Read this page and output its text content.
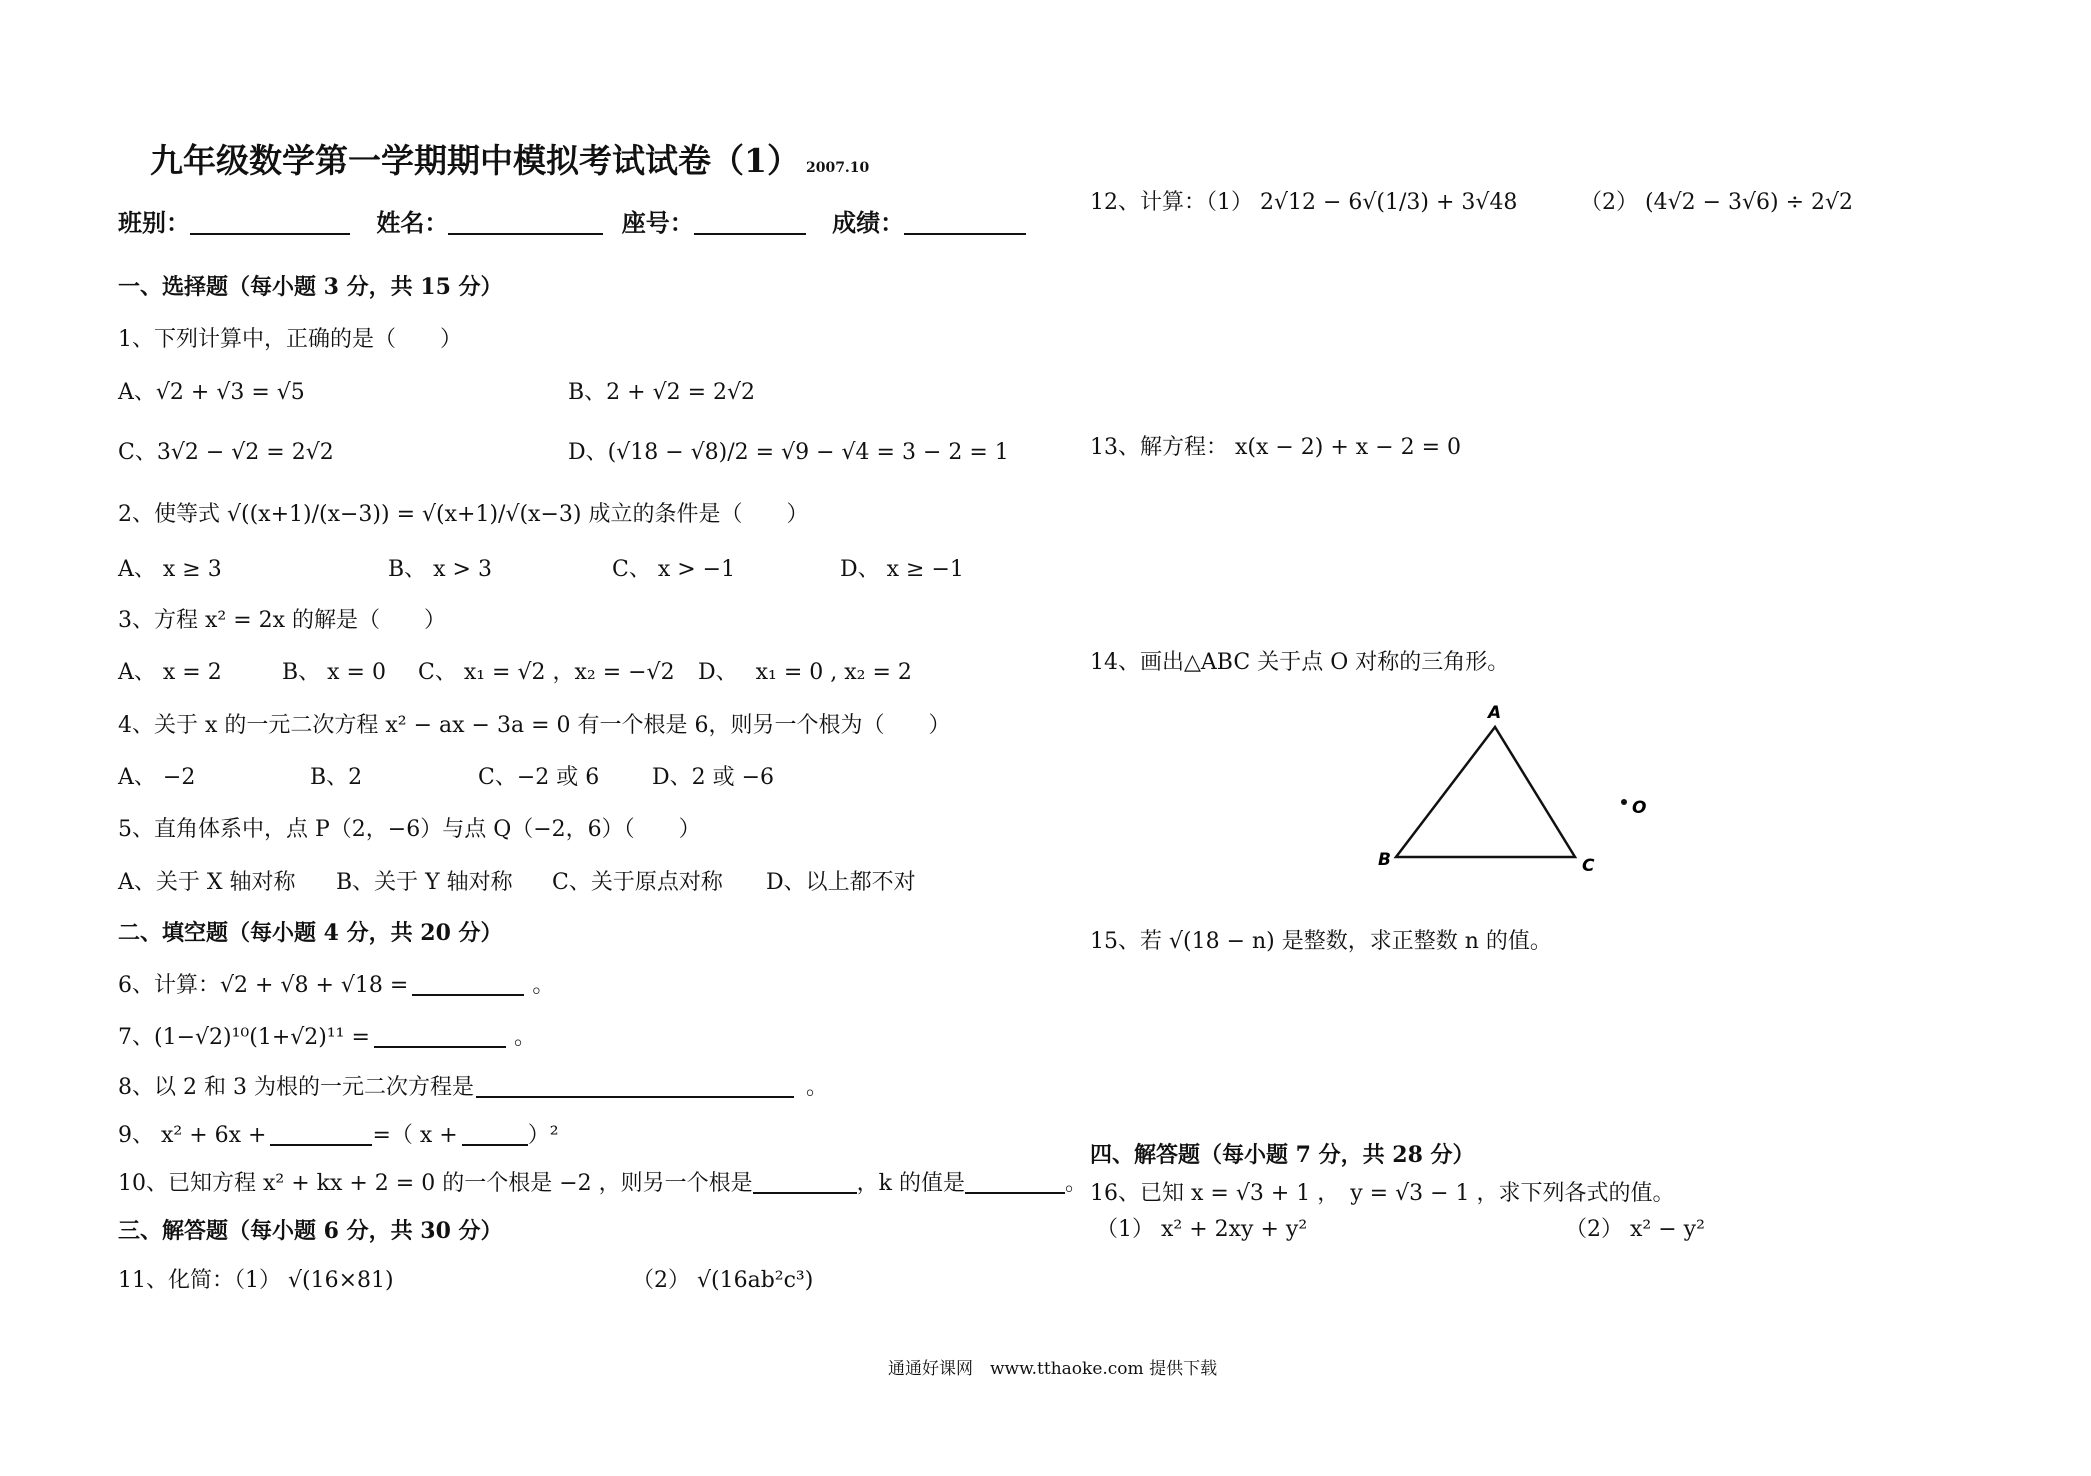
九年级数学第一学期期中模拟考试试卷（1） 2007.10
班别：	姓名：	座号：	成绩：
一、选择题（每小题 3 分，共 15 分）
1、下列计算中，正确的是（　　）
A、√2 + √3 = √5	B、2 + √2 = 2√2
C、3√2 − √2 = 2√2	D、(√18 − √8)/2 = √9 − √4 = 3 − 2 = 1
2、使等式 √((x+1)/(x−3)) = √(x+1)/√(x−3) 成立的条件是（　　）
A、 x ≥ 3	B、 x > 3	C、 x > −1	D、 x ≥ −1
3、方程 x² = 2x 的解是（　　）
A、 x = 2	B、 x = 0 C、 x₁ = √2 ，x₂ = −√2 D、　 x₁ = 0 , x₂ = 2
4、关于 x 的一元二次方程 x² − ax − 3a = 0 有一个根是 6，则另一个根为（　　）
A、 −2	B、2	C、−2 或 6 D、2 或 −6
5、直角体系中，点 P（2，−6）与点 Q（−2，6）（　　）
A、关于 X 轴对称 B、关于 Y 轴对称 C、关于原点对称 D、以上都不对
二、填空题（每小题 4 分，共 20 分）
6、计算：√2 + √8 + √18 =	。
7、(1−√2)¹⁰(1+√2)¹¹ =	。
8、以 2 和 3 为根的一元二次方程是	。
9、 x² + 6x +	=（ x +	）²
10、已知方程 x² + kx + 2 = 0 的一个根是 −2 ，则另一个根是	，k 的值是	。
三、解答题（每小题 6 分，共 30 分）
11、化简：（1） √(16×81)	（2） √(16ab²c³)
12、计算：（1） 2√12 − 6√(1/3) + 3√48	（2） (4√2 − 3√6) ÷ 2√2
13、解方程： x(x − 2) + x − 2 = 0
14、画出△ABC 关于点 O 对称的三角形。
A
B	C
O
15、若 √(18 − n) 是整数，求正整数 n 的值。
四、解答题（每小题 7 分，共 28 分）
16、已知 x = √3 + 1 ，　y = √3 − 1 ，求下列各式的值。
（1） x² + 2xy + y²	（2） x² − y²
通通好课网　www.tthaoke.com 提供下载
